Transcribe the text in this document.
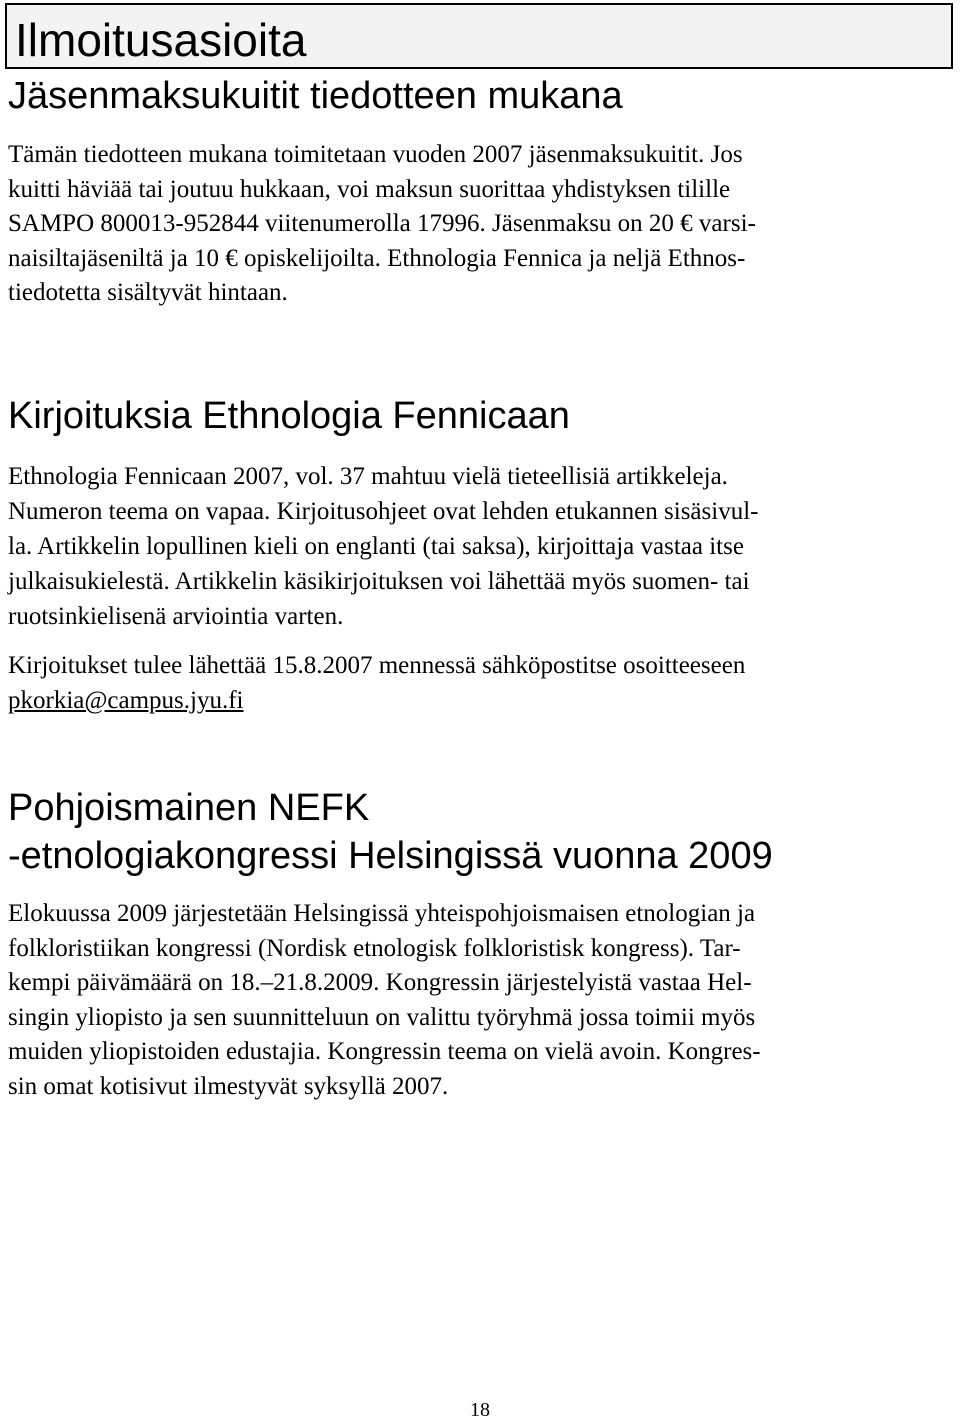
Ilmoitusasioita
Jäsenmaksukuitit tiedotteen mukana
Tämän tiedotteen mukana toimitetaan vuoden 2007 jäsenmaksukuitit. Jos
kuitti häviää tai joutuu hukkaan, voi maksun suorittaa yhdistyksen tilille
SAMPO 800013-952844 viitenumerolla 17996. Jäsenmaksu on 20 € varsi-
naisiltajäseniltä ja 10 € opiskelijoilta. Ethnologia Fennica ja neljä Ethnos-
tiedotetta sisältyvät hintaan.
Kirjoituksia Ethnologia Fennicaan
Ethnologia Fennicaan 2007, vol. 37 mahtuu vielä tieteellisiä artikkeleja.
Numeron teema on vapaa. Kirjoitusohjeet ovat lehden etukannen sisäsivul-
la. Artikkelin lopullinen kieli on englanti (tai saksa), kirjoittaja vastaa itse
julkaisukielestä. Artikkelin käsikirjoituksen voi lähettää myös suomen- tai
ruotsinkielisenä arviointia varten.
Kirjoitukset tulee lähettää 15.8.2007 mennessä sähköpostitse osoitteeseen
pkorkia@campus.jyu.fi
Pohjoismainen NEFK
-etnologiakongressi Helsingissä vuonna 2009
Elokuussa 2009 järjestetään Helsingissä yhteispohjoismaisen etnologian ja
folkloristiikan kongressi (Nordisk etnologisk folkloristisk kongress). Tar-
kempi päivämäärä on 18.–21.8.2009. Kongressin järjestelyistä vastaa Hel-
singin yliopisto ja sen suunnitteluun on valittu työryhmä jossa toimii myös
muiden yliopistoiden edustajia. Kongressin teema on vielä avoin. Kongres-
sin omat kotisivut ilmestyvät syksyllä 2007.
18
